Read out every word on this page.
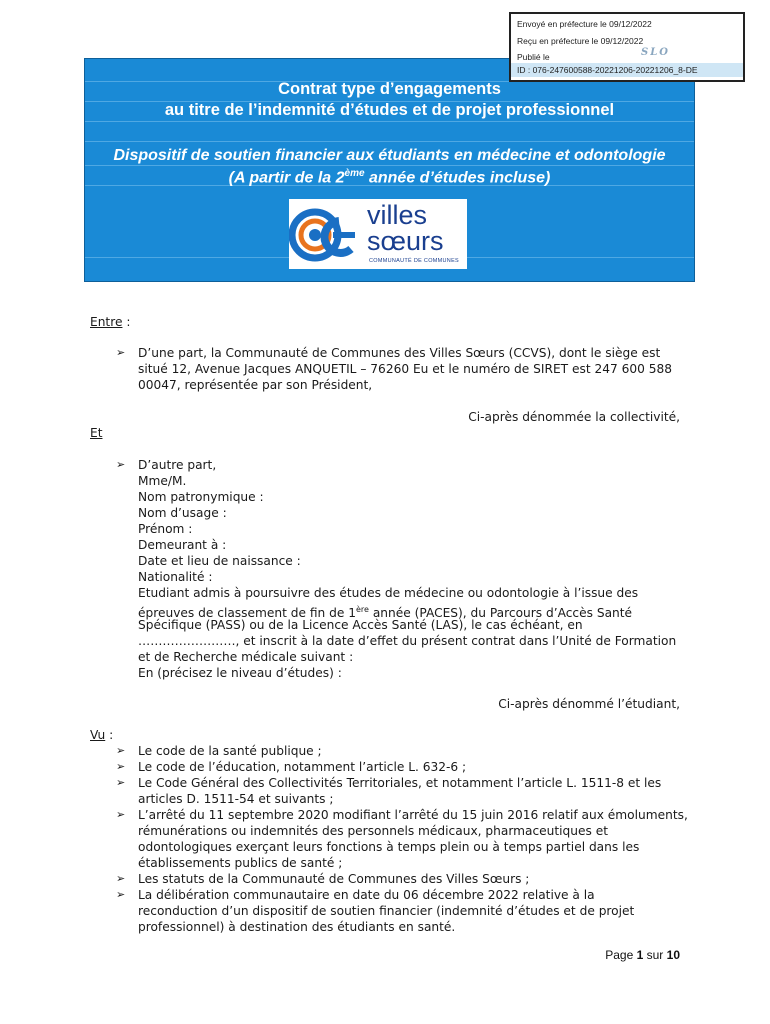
Envoyé en préfecture le 09/12/2022
Reçu en préfecture le 09/12/2022
Publié le	SLO
ID : 076-247600588-20221206-20221206_8-DE
Contrat type d’engagements
au titre de l’indemnité d’études et de projet professionnel
Dispositif de soutien financier aux étudiants en médecine et odontologie
(A partir de la 2ème année d’études incluse)
villes
sœurs
COMMUNAUTÉ DE COMMUNES
Entre :
➢ D’une part, la Communauté de Communes des Villes Sœurs (CCVS), dont le siège est
situé 12, Avenue Jacques ANQUETIL – 76260 Eu et le numéro de SIRET est 247 600 588
00047, représentée par son Président,
Ci-après dénommée la collectivité,
Et
➢ D’autre part,
Mme/M.
Nom patronymique :
Nom d’usage :
Prénom :
Demeurant à :
Date et lieu de naissance :
Nationalité :
Etudiant admis à poursuivre des études de médecine ou odontologie à l’issue des
épreuves de classement de fin de 1ère année (PACES), du Parcours d’Accès Santé
Spécifique (PASS) ou de la Licence Accès Santé (LAS), le cas échéant, en
……………………, et inscrit à la date d’effet du présent contrat dans l’Unité de Formation
et de Recherche médicale suivant :
En (précisez le niveau d’études) :
Ci-après dénommé l’étudiant,
Vu :
➢ Le code de la santé publique ;
➢ Le code de l’éducation, notamment l’article L. 632-6 ;
➢ Le Code Général des Collectivités Territoriales, et notamment l’article L. 1511-8 et les
articles D. 1511-54 et suivants ;
➢ L’arrêté du 11 septembre 2020 modifiant l’arrêté du 15 juin 2016 relatif aux émoluments,
rémunérations ou indemnités des personnels médicaux, pharmaceutiques et
odontologiques exerçant leurs fonctions à temps plein ou à temps partiel dans les
établissements publics de santé ;
➢ Les statuts de la Communauté de Communes des Villes Sœurs ;
➢ La délibération communautaire en date du 06 décembre 2022 relative à la
reconduction d’un dispositif de soutien financier (indemnité d’études et de projet
professionnel) à destination des étudiants en santé.
Page 1 sur 10
